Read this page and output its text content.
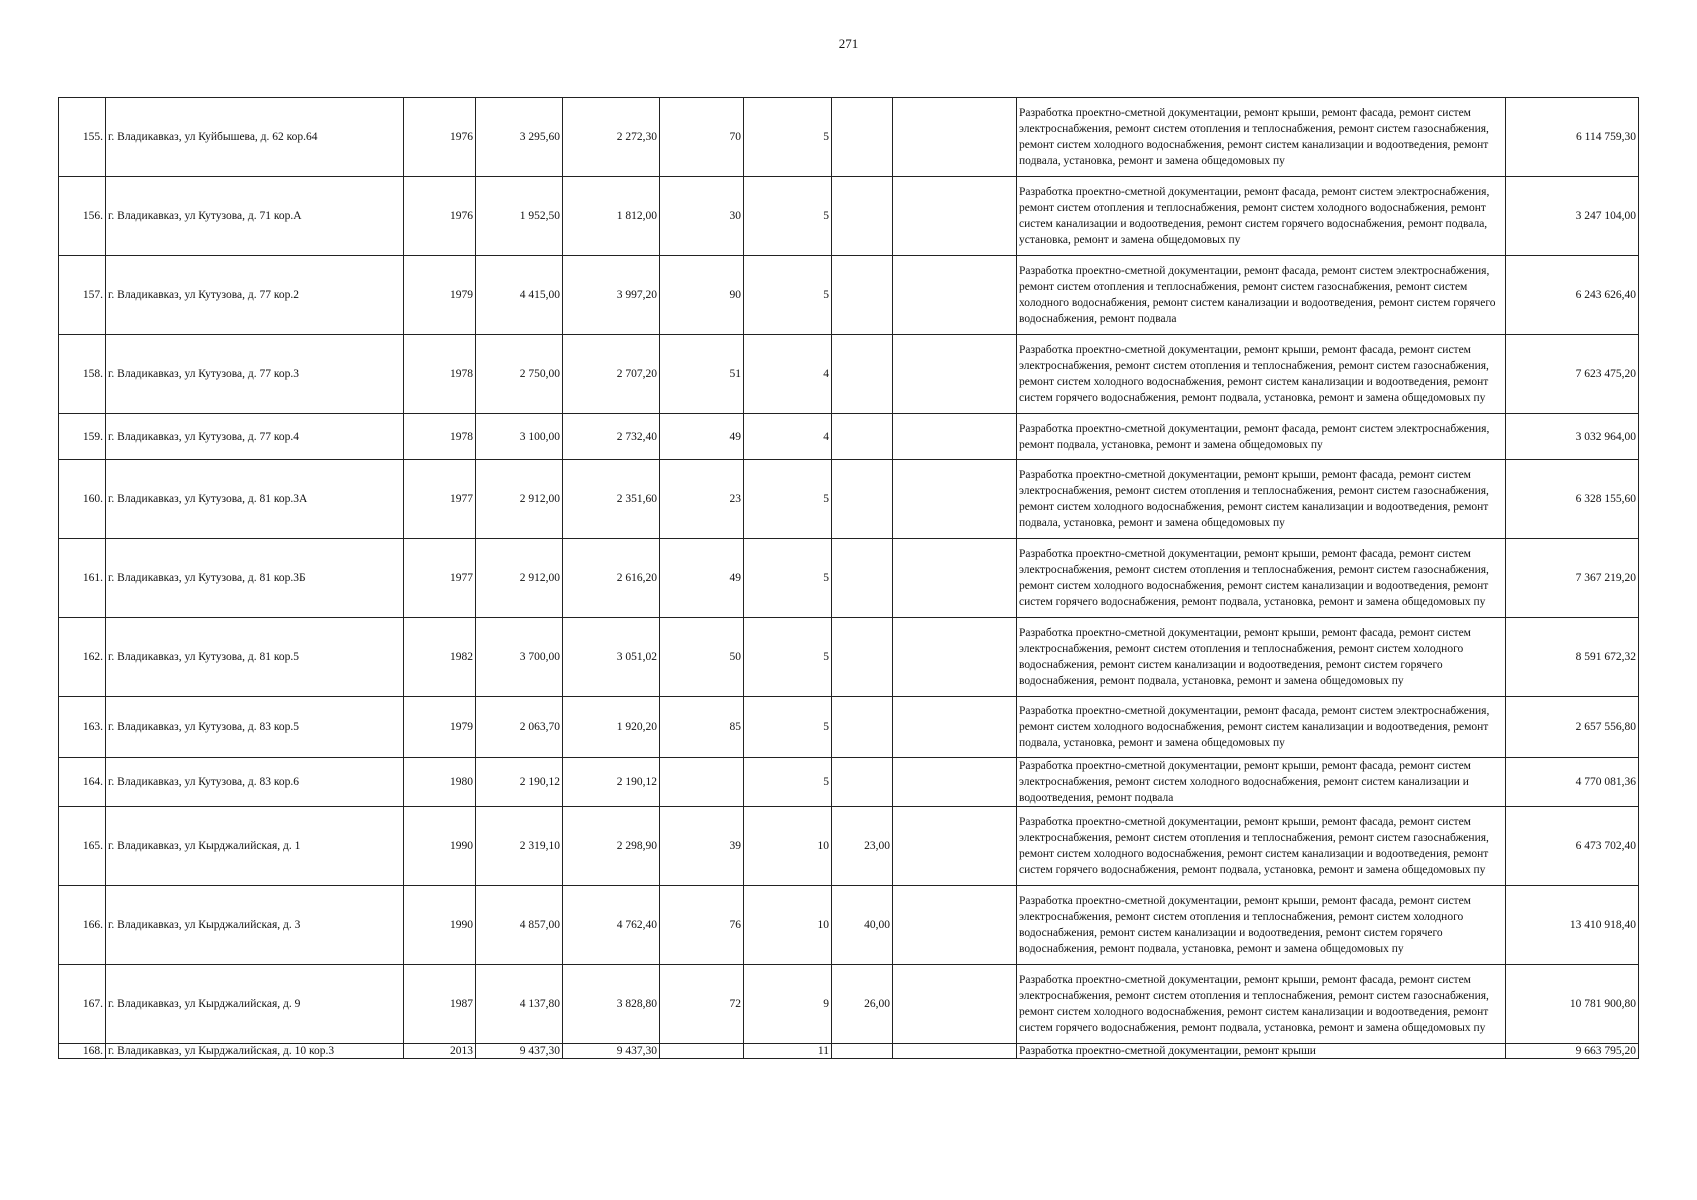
271
155.	г. Владикавказ, ул Куйбышева, д. 62 кор.64	1976	3 295,60	2 272,30	70	5			Разработка проектно-сметной документации, ремонт крыши, ремонт фасада, ремонт систем электроснабжения, ремонт систем отопления и теплоснабжения, ремонт систем газоснабжения, ремонт систем холодного водоснабжения, ремонт систем канализации и водоотведения, ремонт подвала, установка, ремонт и замена общедомовых пу	6 114 759,30
156.	г. Владикавказ, ул Кутузова, д. 71 кор.А	1976	1 952,50	1 812,00	30	5			Разработка проектно-сметной документации, ремонт фасада, ремонт систем электроснабжения, ремонт систем отопления и теплоснабжения, ремонт систем холодного водоснабжения, ремонт систем канализации и водоотведения, ремонт систем горячего водоснабжения, ремонт подвала, установка, ремонт и замена общедомовых пу	3 247 104,00
157.	г. Владикавказ, ул Кутузова, д. 77 кор.2	1979	4 415,00	3 997,20	90	5			Разработка проектно-сметной документации, ремонт фасада, ремонт систем электроснабжения, ремонт систем отопления и теплоснабжения, ремонт систем газоснабжения, ремонт систем холодного водоснабжения, ремонт систем канализации и водоотведения, ремонт систем горячего водоснабжения, ремонт подвала	6 243 626,40
158.	г. Владикавказ, ул Кутузова, д. 77 кор.3	1978	2 750,00	2 707,20	51	4			Разработка проектно-сметной документации, ремонт крыши, ремонт фасада, ремонт систем электроснабжения, ремонт систем отопления и теплоснабжения, ремонт систем газоснабжения, ремонт систем холодного водоснабжения, ремонт систем канализации и водоотведения, ремонт систем горячего водоснабжения, ремонт подвала, установка, ремонт и замена общедомовых пу	7 623 475,20
159.	г. Владикавказ, ул Кутузова, д. 77 кор.4	1978	3 100,00	2 732,40	49	4			Разработка проектно-сметной документации, ремонт фасада, ремонт систем электроснабжения, ремонт подвала, установка, ремонт и замена общедомовых пу	3 032 964,00
160.	г. Владикавказ, ул Кутузова, д. 81 кор.3А	1977	2 912,00	2 351,60	23	5			Разработка проектно-сметной документации, ремонт крыши, ремонт фасада, ремонт систем электроснабжения, ремонт систем отопления и теплоснабжения, ремонт систем газоснабжения, ремонт систем холодного водоснабжения, ремонт систем канализации и водоотведения, ремонт подвала, установка, ремонт и замена общедомовых пу	6 328 155,60
161.	г. Владикавказ, ул Кутузова, д. 81 кор.3Б	1977	2 912,00	2 616,20	49	5			Разработка проектно-сметной документации, ремонт крыши, ремонт фасада, ремонт систем электроснабжения, ремонт систем отопления и теплоснабжения, ремонт систем газоснабжения, ремонт систем холодного водоснабжения, ремонт систем канализации и водоотведения, ремонт систем горячего водоснабжения, ремонт подвала, установка, ремонт и замена общедомовых пу	7 367 219,20
162.	г. Владикавказ, ул Кутузова, д. 81 кор.5	1982	3 700,00	3 051,02	50	5			Разработка проектно-сметной документации, ремонт крыши, ремонт фасада, ремонт систем электроснабжения, ремонт систем отопления и теплоснабжения, ремонт систем холодного водоснабжения, ремонт систем канализации и водоотведения, ремонт систем горячего водоснабжения, ремонт подвала, установка, ремонт и замена общедомовых пу	8 591 672,32
163.	г. Владикавказ, ул Кутузова, д. 83 кор.5	1979	2 063,70	1 920,20	85	5			Разработка проектно-сметной документации, ремонт фасада, ремонт систем электроснабжения, ремонт систем холодного водоснабжения, ремонт систем канализации и водоотведения, ремонт подвала, установка, ремонт и замена общедомовых пу	2 657 556,80
164.	г. Владикавказ, ул Кутузова, д. 83 кор.6	1980	2 190,12	2 190,12		5			Разработка проектно-сметной документации, ремонт крыши, ремонт фасада, ремонт систем электроснабжения, ремонт систем холодного водоснабжения, ремонт систем канализации и водоотведения, ремонт подвала	4 770 081,36
165.	г. Владикавказ, ул Кырджалийская, д. 1	1990	2 319,10	2 298,90	39	10	23,00		Разработка проектно-сметной документации, ремонт крыши, ремонт фасада, ремонт систем электроснабжения, ремонт систем отопления и теплоснабжения, ремонт систем газоснабжения, ремонт систем холодного водоснабжения, ремонт систем канализации и водоотведения, ремонт систем горячего водоснабжения, ремонт подвала, установка, ремонт и замена общедомовых пу	6 473 702,40
166.	г. Владикавказ, ул Кырджалийская, д. 3	1990	4 857,00	4 762,40	76	10	40,00		Разработка проектно-сметной документации, ремонт крыши, ремонт фасада, ремонт систем электроснабжения, ремонт систем отопления и теплоснабжения, ремонт систем холодного водоснабжения, ремонт систем канализации и водоотведения, ремонт систем горячего водоснабжения, ремонт подвала, установка, ремонт и замена общедомовых пу	13 410 918,40
167.	г. Владикавказ, ул Кырджалийская, д. 9	1987	4 137,80	3 828,80	72	9	26,00		Разработка проектно-сметной документации, ремонт крыши, ремонт фасада, ремонт систем электроснабжения, ремонт систем отопления и теплоснабжения, ремонт систем газоснабжения, ремонт систем холодного водоснабжения, ремонт систем канализации и водоотведения, ремонт систем горячего водоснабжения, ремонт подвала, установка, ремонт и замена общедомовых пу	10 781 900,80
168.	г. Владикавказ, ул Кырджалийская, д. 10 кор.3	2013	9 437,30	9 437,30		11			Разработка проектно-сметной документации, ремонт крыши	9 663 795,20
